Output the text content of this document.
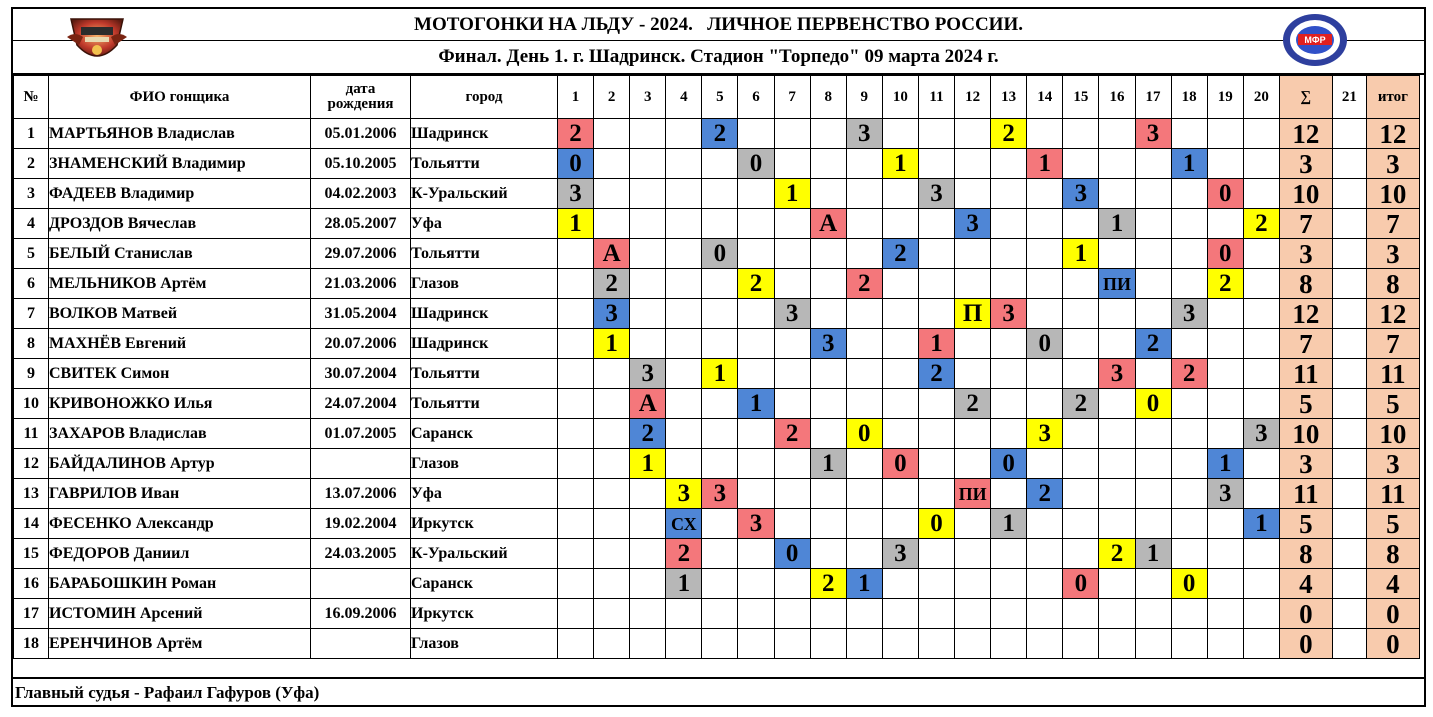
МОТОГОНКИ НА ЛЬДУ - 2024.   ЛИЧНОЕ ПЕРВЕНСТВО РОССИИ.
Финал. День 1. г. Шадринск. Стадион "Торпедо" 09 марта 2024 г.
МФР
№	ФИО гонщика	дата рождения	город	1	2	3	4	5	6	7	8	9	10	11	12	13	14	15	16	17	18	19	20	∑	21	итог
1	МАРТЬЯНОВ Владислав	05.01.2006	Шадринск	2				2				3				2				3				12		12
2	ЗНАМЕНСКИЙ Владимир	05.10.2005	Тольятти	0					0				1				1				1			3		3
3	ФАДЕЕВ Владимир	04.02.2003	К-Уральский	3						1				3				3				0		10		10
4	ДРОЗДОВ Вячеслав	28.05.2007	Уфа	1							А				3				1				2	7		7
5	БЕЛЫЙ Станислав	29.07.2006	Тольятти		А			0					2					1				0		3		3
6	МЕЛЬНИКОВ Артём	21.03.2006	Глазов		2				2			2							ПИ			2		8		8
7	ВОЛКОВ Матвей	31.05.2004	Шадринск		3					3					П	3					3			12		12
8	МАХНЁВ Евгений	20.07.2006	Шадринск		1						3			1			0			2				7		7
9	СВИТЕК Симон	30.07.2004	Тольятти			3		1						2					3		2			11		11
10	КРИВОНОЖКО Илья	24.07.2004	Тольятти			А			1						2			2		0				5		5
11	ЗАХАРОВ Владислав	01.07.2005	Саранск			2				2		0					3						3	10		10
12	БАЙДАЛИНОВ Артур		Глазов			1					1		0			0						1		3		3
13	ГАВРИЛОВ Иван	13.07.2006	Уфа				3	3							ПИ		2					3		11		11
14	ФЕСЕНКО Александр	19.02.2004	Иркутск				СХ		3					0		1							1	5		5
15	ФЕДОРОВ Даниил	24.03.2005	К-Уральский				2			0			3						2	1				8		8
16	БАРАБОШКИН Роман		Саранск				1				2	1						0			0			4		4
17	ИСТОМИН Арсений	16.09.2006	Иркутск																					0		0
18	ЕРЕНЧИНОВ Артём		Глазов																					0		0
Главный судья - Рафаил Гафуров (Уфа)
